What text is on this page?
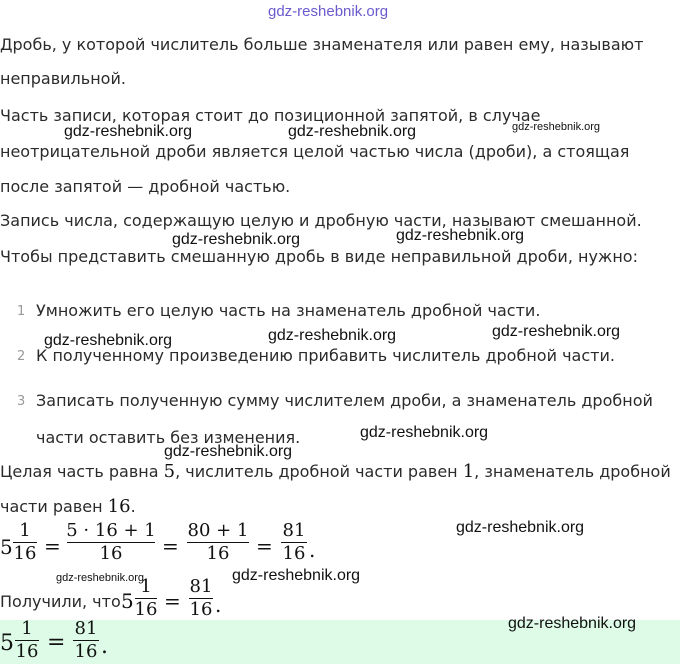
Дробь, у которой числитель больше знаменателя или равен ему, называют
неправильной.
Часть записи, которая стоит до позиционной запятой, в случае
неотрицательной дроби является целой частью числа (дроби), а стоящая
после запятой — дробной частью.
Запись числа, содержащую целую и дробную части, называют смешанной.
Чтобы представить смешанную дробь в виде неправильной дроби, нужно:
1 Умножить его целую часть на знаменатель дробной части.
2 К полученному произведению прибавить числитель дробной части.
3 Записать полученную сумму числителем дроби, а знаменатель дробной
части оставить без изменения.
Целая часть равна 5, числитель дробной части равен 1, знаменатель дробной
части равен 16.
5
1
16 =
5 · 16 + 1
16	=
80 + 1
16	=
81
16 .
Получили, что 5
1
16 =
81
16 .
5
1
16 =
81
16 .
gdz-reshebnik.org
gdz-reshebnik.org	gdz-reshebnik.org	gdz-reshebnik.org
gdz-reshebnik.org	gdz-reshebnik.org
gdz-reshebnik.org	gdz-reshebnik.org	gdz-reshebnik.org
gdz-reshebnik.org
gdz-reshebnik.org
gdz-reshebnik.org
gdz-reshebnik.org	gdz-reshebnik.org
gdz-reshebnik.org
